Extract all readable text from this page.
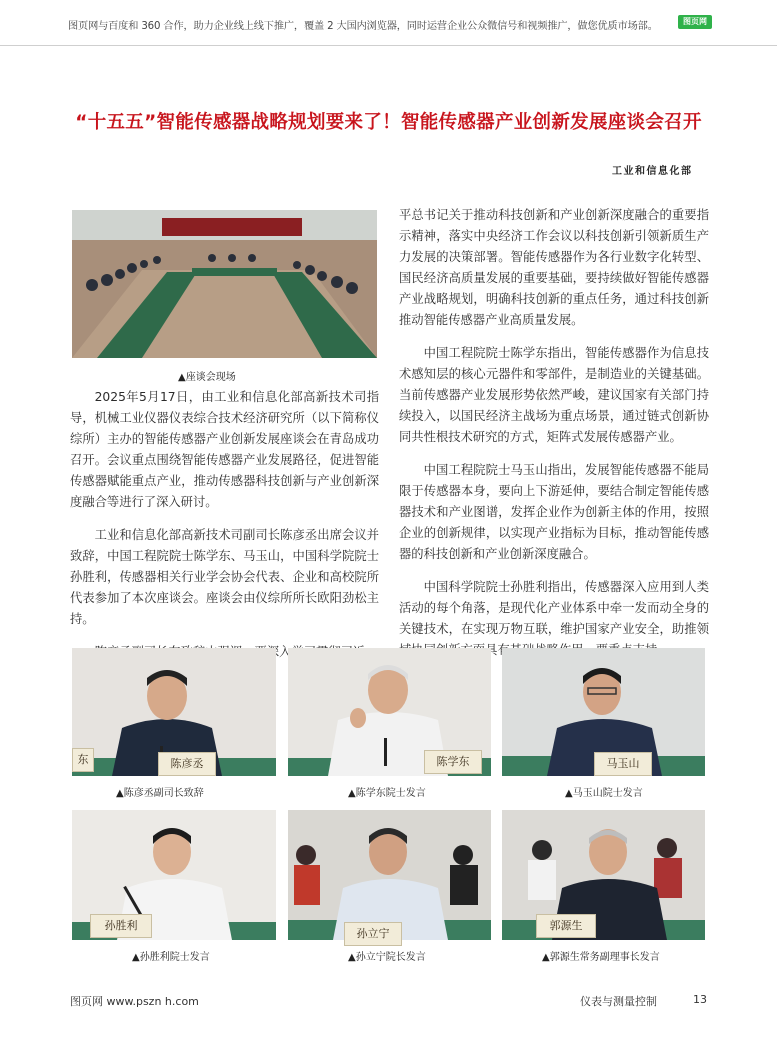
图页网与百度和 360 合作，助力企业线上线下推广，覆盖 2 大国内浏览器，同时运营企业公众微信号和视频推广，做您优质市场部。	图页网
“十五五”智能传感器战略规划要来了！智能传感器产业创新发展座谈会召开
工业和信息化部
▲座谈会现场

2025年5月17日，由工业和信息化部高新技术司指导，机械工业仪器仪表综合技术经济研究所（以下简称仪综所）主办的智能传感器产业创新发展座谈会在青岛成功召开。会议重点围绕智能传感器产业发展路径，促进智能传感器赋能重点产业，推动传感器科技创新与产业创新深度融合等进行了深入研讨。

工业和信息化部高新技术司副司长陈彦丞出席会议并致辞，中国工程院院士陈学东、马玉山，中国科学院院士孙胜利，传感器相关行业学会协会代表、企业和高校院所代表参加了本次座谈会。座谈会由仪综所所长欧阳劲松主持。

平总书记关于推动科技创新和产业创新深度融合的重要指示精神，落实中央经济工作会议以科技创新引领新质生产力发展的决策部署。智能传感器作为各行业数字化转型、国民经济高质量发展的重要基础，要持续做好智能传感器产业战略规划，明确科技创新的重点任务，通过科技创新推动智能传感器产业高质量发展。

中国工程院院士陈学东指出，智能传感器作为信息技术感知层的核心元器件和零部件，是制造业的关键基础。当前传感器产业发展形势依然严峻，建议国家有关部门持续投入，以国民经济主战场为重点场景，通过链式创新协同共性根技术研究的方式，矩阵式发展传感器产业。

中国工程院院士马玉山指出，发展智能传感器不能局限于传感器本身，要向上下游延伸，要结合制定智能传感器技术和产业图谱，发挥企业作为创新主体的作用，按照企业的创新规律，以实现产业指标为目标，推动智能传感器的科技创新和产业创新深度融合。

中国科学院院士孙胜利指出，传感器深入应用到人类活动的每个角落，是现代化产业体系中牵一发而动全身的关键技术，在实现万物互联，维护国家产业安全，助推领 面具有

陈彦丞
东
▲陈彦丞副司长致辞
陈学东
▲陈学东院士发言
马玉山
▲马玉山院士发言
孙胜利
▲孙胜利院士发言
孙立宁
▲孙立宁院长发言
郭源生
▲郭源生常务副理事长发言
图页网 www.pszn h.com	仪表与测量控制	13
